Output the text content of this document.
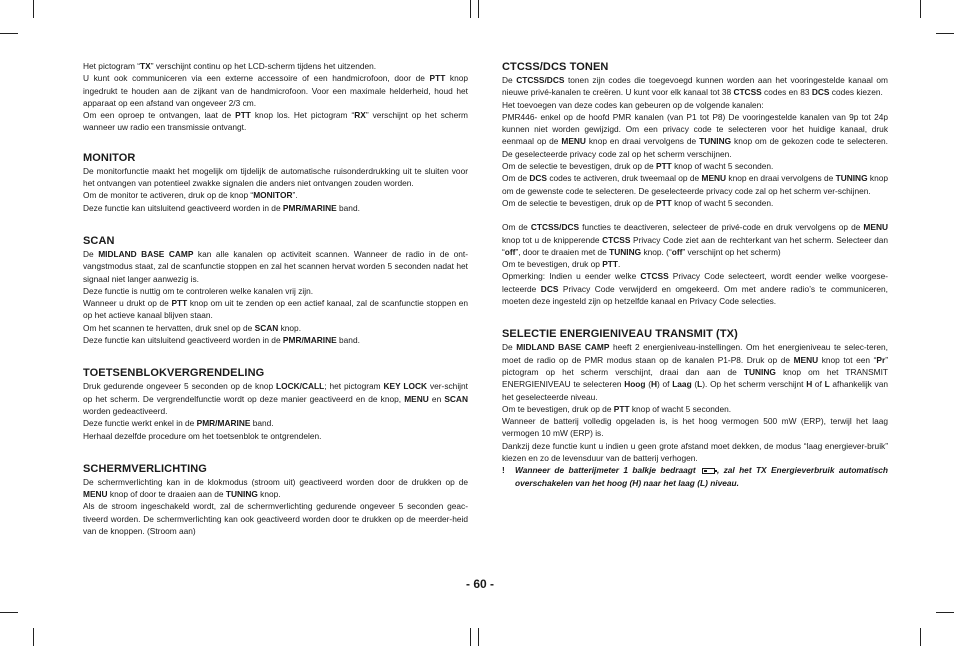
Het pictogram “TX” verschijnt continu op het LCD-scherm tijdens het uitzenden.

U kunt ook communiceren via een externe accessoire of een handmicrofoon, door de PTT knop ingedrukt te houden aan de zijkant van de handmicrofoon. Voor een maximale helderheid, houd het apparaat op een afstand van ongeveer 2/3 cm.

Om een oproep te ontvangen, laat de PTT knop los. Het pictogram “RX” verschijnt op het scherm wanneer uw radio een transmissie ontvangt.

MONITOR

De monitorfunctie maakt het mogelijk om tijdelijk de automatische ruisonderdrukking uit te sluiten voor het ontvangen van potentieel zwakke signalen die anders niet ontvangen zouden worden.

Om de monitor te activeren, druk op de knop “MONITOR”.

Deze functie kan uitsluitend geactiveerd worden in de PMR/MARINE band.

SCAN

De MIDLAND BASE CAMP kan alle kanalen op activiteit scannen. Wanneer de radio in de ont-vangstmodus staat, zal de scanfunctie stoppen en zal het scannen hervat worden 5 seconden nadat het signaal niet langer aanwezig is.

Deze functie is nuttig om te controleren welke kanalen vrij zijn.

Wanneer u drukt op de PTT knop om uit te zenden op een actief kanaal, zal de scanfunctie stoppen en op het actieve kanaal blijven staan.

Om het scannen te hervatten, druk snel op de SCAN knop.

Deze functie kan uitsluitend geactiveerd worden in de PMR/MARINE band.

TOETSENBLOKVERGRENDELING

Druk gedurende ongeveer 5 seconden op de knop LOCK/CALL; het pictogram KEY LOCK ver-schijnt op het scherm. De vergrendelfunctie wordt op deze manier geactiveerd en de knop, MENU en SCAN worden gedeactiveerd.

Deze functie werkt enkel in de PMR/MARINE band.

Herhaal dezelfde procedure om het toetsenblok te ontgrendelen.

SCHERMVERLICHTING

De schermverlichting kan in de klokmodus (stroom uit) geactiveerd worden door de drukken op de MENU knop of door te draaien aan de TUNING knop.

Als de stroom ingeschakeld wordt, zal de schermverlichting gedurende ongeveer 5 seconden geac-tiveerd worden. De schermverlichting kan ook geactiveerd worden door te drukken op de meerder-heid van de knoppen. (Stroom aan)

CTCSS/DCS TONEN

De CTCSS/DCS tonen zijn codes die toegevoegd kunnen worden aan het vooringestelde kanaal om nieuwe privé-kanalen te creëren. U kunt voor elk kanaal tot 38 CTCSS codes en 83 DCS codes kiezen.

Het toevoegen van deze codes kan gebeuren op de volgende kanalen:

PMR446- enkel op de hoofd PMR kanalen (van P1 tot P8) De vooringestelde kanalen van 9p tot 24p kunnen niet worden gewijzigd. Om een privacy code te selecteren voor het huidige kanaal, druk eenmaal op de MENU knop en draai vervolgens de TUNING knop om de gekozen code te selecteren. De geselecteerde privacy code zal op het scherm verschijnen.

Om de selectie te bevestigen, druk op de PTT knop of wacht 5 seconden.

Om de DCS codes te activeren, druk tweemaal op de MENU knop en draai vervolgens de TUNING knop om de gewenste code te selecteren. De geselecteerde privacy code zal op het scherm ver-schijnen.

Om de selectie te bevestigen, druk op de PTT knop of wacht 5 seconden.

Om de CTCSS/DCS functies te deactiveren, selecteer de privé-code en druk vervolgens op de MENU knop tot u de knipperende CTCSS Privacy Code ziet aan de rechterkant van het scherm. Selecteer dan “off”, door te draaien met de TUNING knop. (“off” verschijnt op het scherm)

Om te bevestigen, druk op PTT.

Opmerking: Indien u eender welke CTCSS Privacy Code selecteert, wordt eender welke voorgese-lecteerde DCS Privacy Code verwijderd en omgekeerd. Om met andere radio’s te communiceren, moeten deze ingesteld zijn op hetzelfde kanaal en Privacy Code selecties.

SELECTIE ENERGIENIVEAU TRANSMIT (TX)

De MIDLAND BASE CAMP heeft 2 energieniveau-instellingen. Om het energieniveau te selec-teren, moet de radio op de PMR modus staan op de kanalen P1-P8. Druk op de MENU knop tot een “Pr” pictogram op het scherm verschijnt, draai dan aan de TUNING knop om het TRANSMIT ENERGIENIVEAU te selecteren Hoog (H) of Laag (L). Op het scherm verschijnt H of L afhankelijk van het geselecteerde niveau.

Om te bevestigen, druk op de PTT knop of wacht 5 seconden.

Wanneer de batterij volledig opgeladen is, is het hoog vermogen 500 mW (ERP), terwijl het laag vermogen 10 mW (ERP) is.

Dankzij deze functie kunt u indien u geen grote afstand moet dekken, de modus “laag energiever-bruik” kiezen en zo de levensduur van de batterij verhogen.

!	Wanneer de batterijmeter 1 balkje bedraagt	, zal het TX Energieverbruik automatisch overschakelen van het hoog (H) naar het laag (L) niveau.
- 60 -
